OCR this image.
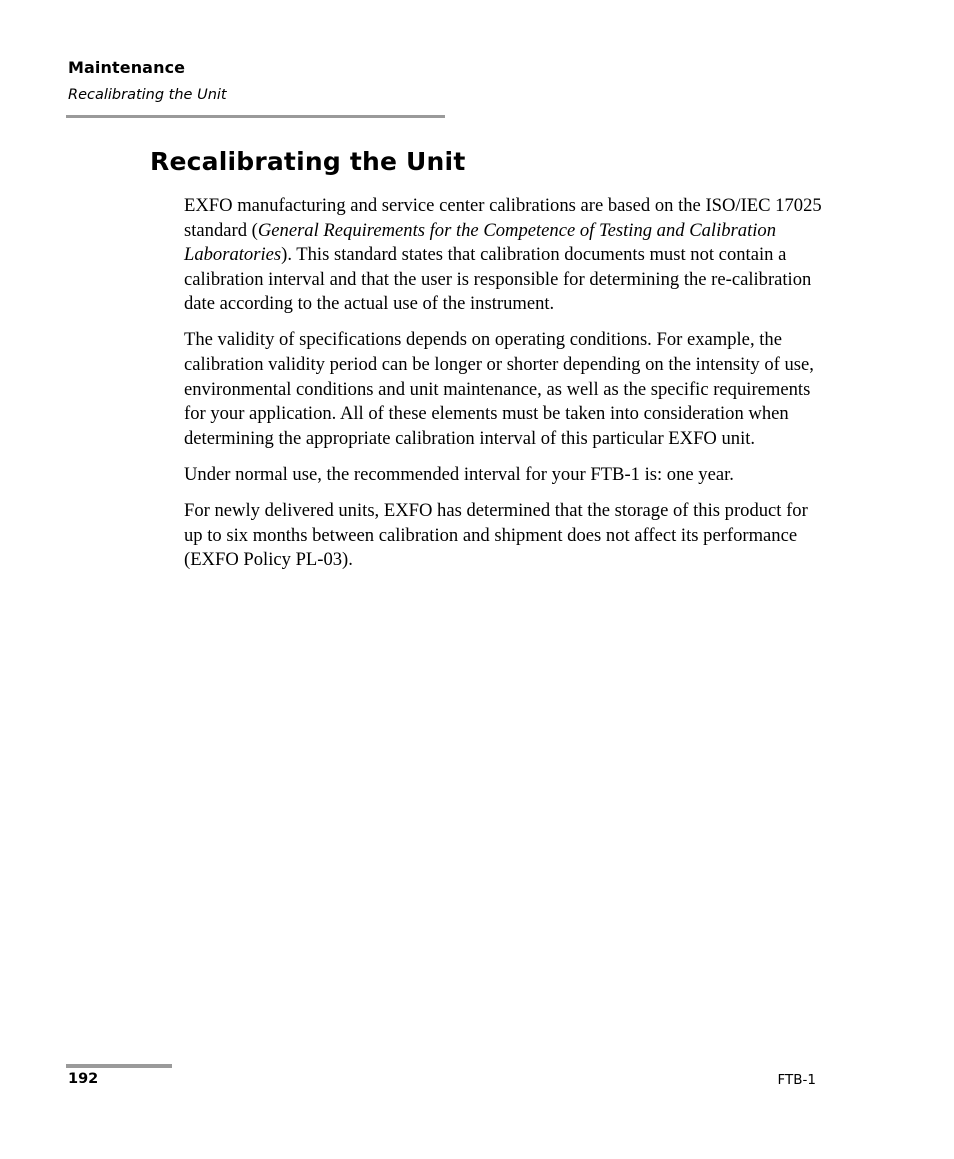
Maintenance
Recalibrating the Unit
Recalibrating the Unit

EXFO manufacturing and service center calibrations are based on the ISO/IEC 17025 standard (General Requirements for the Competence of Testing and Calibration Laboratories). This standard states that calibration documents must not contain a calibration interval and that the user is responsible for determining the re-calibration date according to the actual use of the instrument.

The validity of specifications depends on operating conditions. For example, the calibration validity period can be longer or shorter depending on the intensity of use, environmental conditions and unit maintenance, as well as the specific requirements for your application. All of these elements must be taken into consideration when determining the appropriate calibration interval of this particular EXFO unit.

Under normal use, the recommended interval for your FTB-1 is: one year.

For newly delivered units, EXFO has determined that the storage of this product for up to six months between calibration and shipment does not affect its performance (EXFO Policy PL-03).

192	FTB-1
